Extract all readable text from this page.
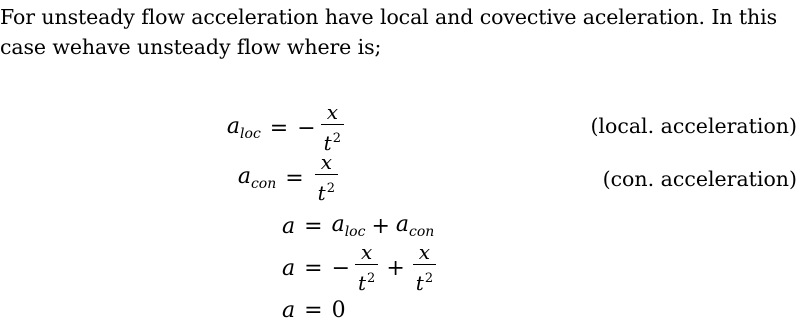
For unsteady flow acceleration have local and covective aceleration. In this
case wehave unsteady flow where is;
$a_{loc}$ = − $\frac{x}{t^2}$	(local. acceleration)
$a_{con} = \frac{x}{t^2}$	(con. acceleration)
$a = a_{loc} + a_{con}$
a = − $\frac{x}{t^2} + \frac{x}{t^2}$
a = 0
